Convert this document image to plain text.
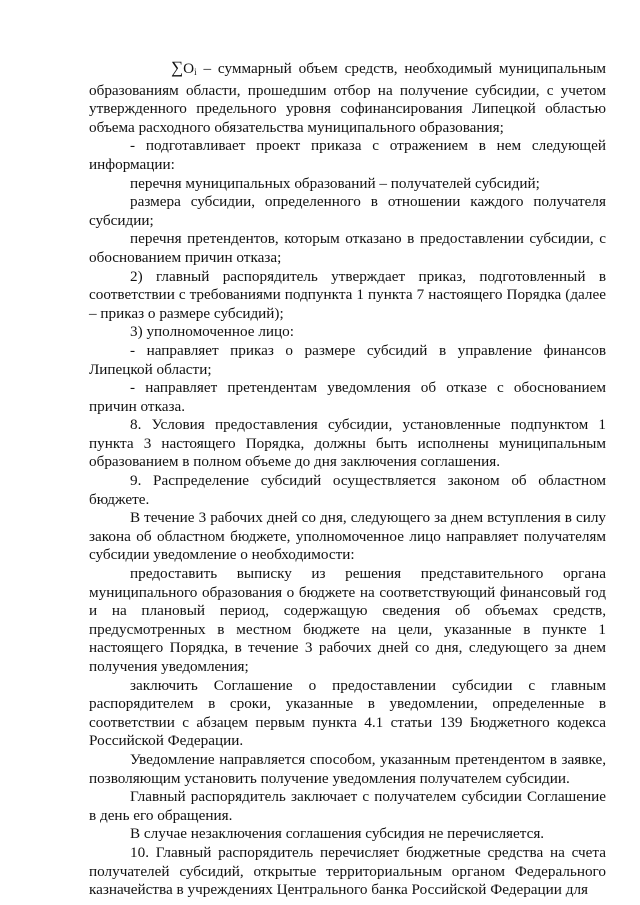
$\sum O_i$ – суммарный объем средств, необходимый муниципальным образованиям области, прошедшим отбор на получение субсидии, с учетом утвержденного предельного уровня софинансирования Липецкой областью объема расходного обязательства муниципального образования;

- подготавливает проект приказа с отражением в нем следующей информации:

перечня муниципальных образований – получателей субсидий;

размера субсидии, определенного в отношении каждого получателя субсидии;

перечня претендентов, которым отказано в предоставлении субсидии, с обоснованием причин отказа;

2) главный распорядитель утверждает приказ, подготовленный в соответствии с требованиями подпункта 1 пункта 7 настоящего Порядка (далее – приказ о размере субсидий);

3) уполномоченное лицо:

- направляет приказ о размере субсидий в управление финансов Липецкой области;

- направляет претендентам уведомления об отказе с обоснованием причин отказа.

8. Условия предоставления субсидии, установленные подпунктом 1 пункта 3 настоящего Порядка, должны быть исполнены муниципальным образованием в полном объеме до дня заключения соглашения.

9. Распределение субсидий осуществляется законом об областном бюджете.

В течение 3 рабочих дней со дня, следующего за днем вступления в силу закона об областном бюджете, уполномоченное лицо направляет получателям субсидии уведомление о необходимости:

предоставить выписку из решения представительного органа муниципального образования о бюджете на соответствующий финансовый год и на плановый период, содержащую сведения об объемах средств, предусмотренных в местном бюджете на цели, указанные в пункте 1 настоящего Порядка, в течение 3 рабочих дней со дня, следующего за днем получения уведомления;

заключить Соглашение о предоставлении субсидии с главным распорядителем в сроки, указанные в уведомлении, определенные в соответствии с абзацем первым пункта 4.1 статьи 139 Бюджетного кодекса Российской Федерации.

Уведомление направляется способом, указанным претендентом в заявке, позволяющим установить получение уведомления получателем субсидии.

Главный распорядитель заключает с получателем субсидии Соглашение в день его обращения.

В случае незаключения соглашения субсидия не перечисляется.

10. Главный распорядитель перечисляет бюджетные средства на счета получателей субсидий, открытые территориальным органом Федерального казначейства в учреждениях Центрального банка Российской Федерации для
